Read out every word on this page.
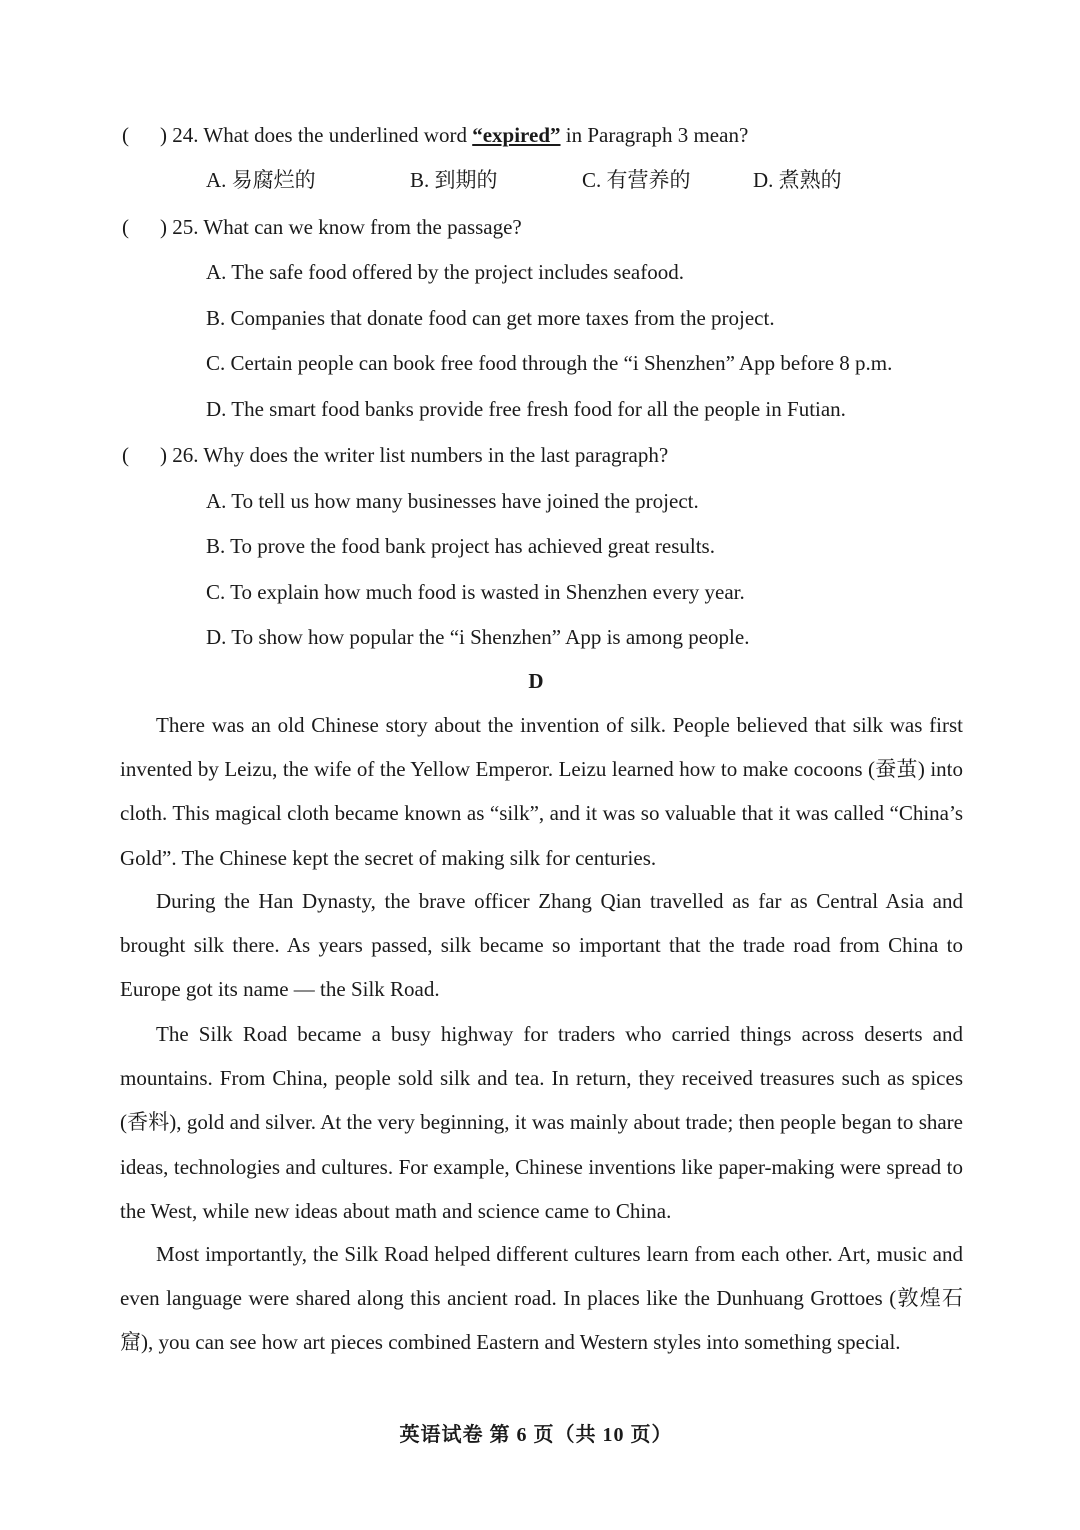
( ) 24. What does the underlined word “expired” in Paragraph 3 mean?
A. 易腐烂的	B. 到期的	C. 有营养的	D. 煮熟的
( ) 25. What can we know from the passage?
A. The safe food offered by the project includes seafood.
B. Companies that donate food can get more taxes from the project.
C. Certain people can book free food through the “i Shenzhen” App before 8 p.m.
D. The smart food banks provide free fresh food for all the people in Futian.
( ) 26. Why does the writer list numbers in the last paragraph?
A. To tell us how many businesses have joined the project.
B. To prove the food bank project has achieved great results.
C. To explain how much food is wasted in Shenzhen every year.
D. To show how popular the “i Shenzhen” App is among people.
D
There was an old Chinese story about the invention of silk. People believed that silk was first invented by Leizu, the wife of the Yellow Emperor. Leizu learned how to make cocoons (蚕茧) into cloth. This magical cloth became known as “silk”, and it was so valuable that it was called “China’s Gold”. The Chinese kept the secret of making silk for centuries.
During the Han Dynasty, the brave officer Zhang Qian travelled as far as Central Asia and brought silk there. As years passed, silk became so important that the trade road from China to Europe got its name — the Silk Road.
The Silk Road became a busy highway for traders who carried things across deserts and mountains. From China, people sold silk and tea. In return, they received treasures such as spices (香料), gold and silver. At the very beginning, it was mainly about trade; then people began to share ideas, technologies and cultures. For example, Chinese inventions like paper-making were spread to the West, while new ideas about math and science came to China.
Most importantly, the Silk Road helped different cultures learn from each other. Art, music and even language were shared along this ancient road. In places like the Dunhuang Grottoes (敦煌石窟), you can see how art pieces combined Eastern and Western styles into something special.
英语试卷 第 6 页（共 10 页）
